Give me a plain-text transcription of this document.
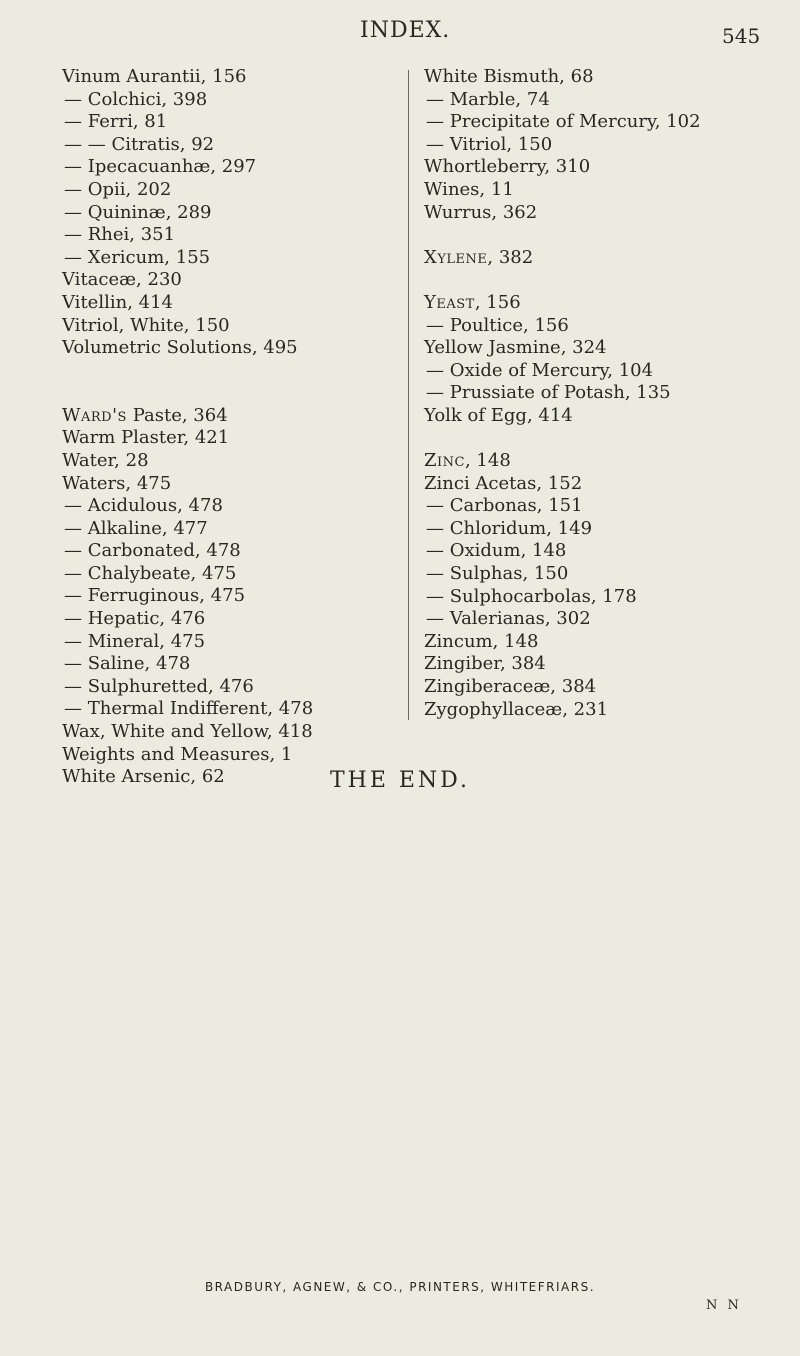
INDEX.	545
Vinum Aurantii, 156
— Colchici, 398
— Ferri, 81
— — Citratis, 92
— Ipecacuanhæ, 297
— Opii, 202
— Quininæ, 289
— Rhei, 351
— Xericum, 155
Vitaceæ, 230
Vitellin, 414
Vitriol, White, 150
Volumetric Solutions, 495
Ward's Paste, 364
Warm Plaster, 421
Water, 28
Waters, 475
— Acidulous, 478
— Alkaline, 477
— Carbonated, 478
— Chalybeate, 475
— Ferruginous, 475
— Hepatic, 476
— Mineral, 475
— Saline, 478
— Sulphuretted, 476
— Thermal Indifferent, 478
Wax, White and Yellow, 418
Weights and Measures, 1
White Arsenic, 62
White Bismuth, 68
— Marble, 74
— Precipitate of Mercury, 102
— Vitriol, 150
Whortleberry, 310
Wines, 11
Wurrus, 362
Xylene, 382
Yeast, 156
— Poultice, 156
Yellow Jasmine, 324
— Oxide of Mercury, 104
— Prussiate of Potash, 135
Yolk of Egg, 414
Zinc, 148
Zinci Acetas, 152
— Carbonas, 151
— Chloridum, 149
— Oxidum, 148
— Sulphas, 150
— Sulphocarbolas, 178
— Valerianas, 302
Zincum, 148
Zingiber, 384
Zingiberaceæ, 384
Zygophyllaceæ, 231
THE END.
BRADBURY, AGNEW, & CO., PRINTERS, WHITEFRIARS.
N N
